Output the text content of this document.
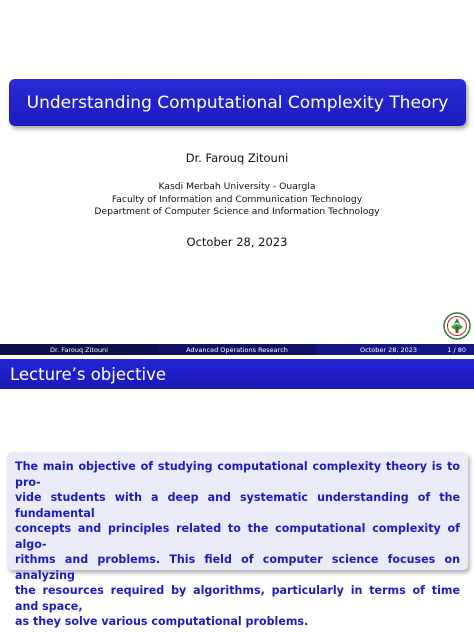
Understanding Computational Complexity Theory
Dr. Farouq Zitouni
Kasdi Merbah University - Ouargla
Faculty of Information and Communication Technology
Department of Computer Science and Information Technology
October 28, 2023
Dr. Farouq Zitouni	Advanced Operations Research	October 28, 2023	1 / 80
Lecture’s objective
The main objective of studying computational complexity theory is to pro-
vide students with a deep and systematic understanding of the fundamental
concepts and principles related to the computational complexity of algo-
rithms and problems. This field of computer science focuses on analyzing
the resources required by algorithms, particularly in terms of time and space,
as they solve various computational problems.
